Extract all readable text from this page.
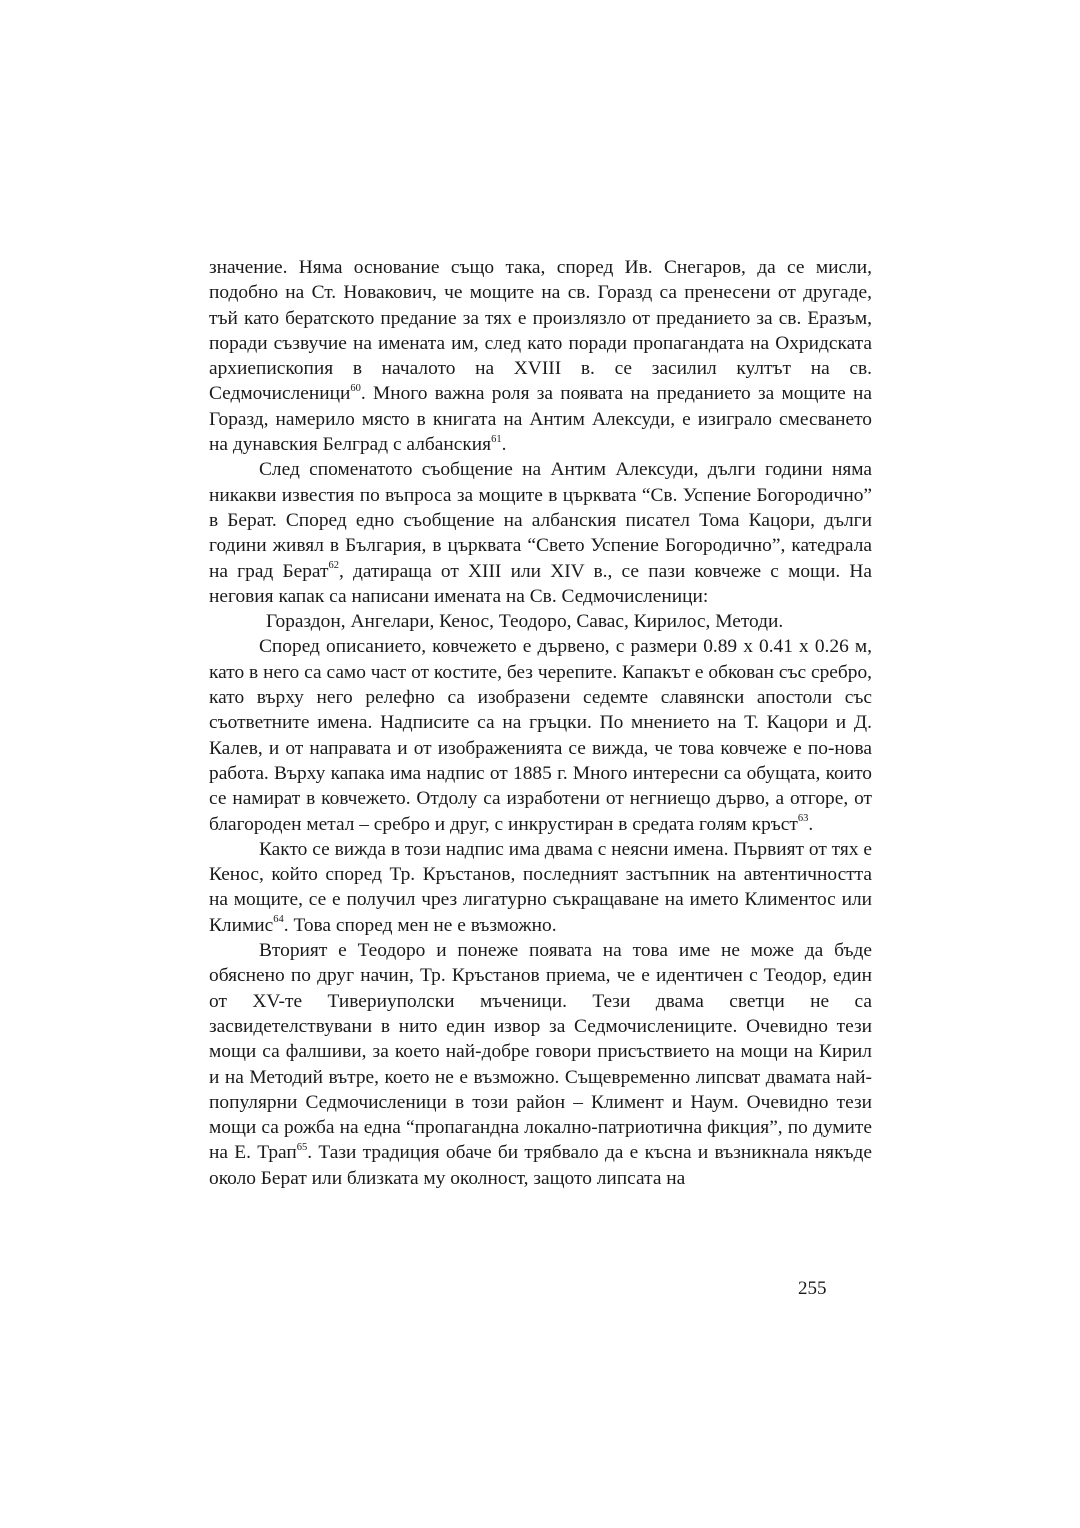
значение. Няма основание също така, според Ив. Снегаров, да се мисли, подобно на Ст. Новакович, че мощите на св. Горазд са пренесени от другаде, тъй като бератското предание за тях е произлязло от преданието за св. Еразъм, поради съзвучие на имената им, след като поради пропагандата на Охридската архиепископия в началото на XVIII в. се засилил култът на св. Седмочисленици$^{60}$. Много важна роля за появата на преданието за мощите на Горазд, намерило място в книгата на Антим Алексуди, е изиграло смесването на дунавския Белград с албанския$^{61}$.

След споменатото съобщение на Антим Алексуди, дълги години няма никакви известия по въпроса за мощите в църквата “Св. Успение Богородично” в Берат. Според едно съобщение на албанския писател Тома Кацори, дълги години живял в България, в църквата “Свето Успение Богородично”, катедрала на град Берат$^{62}$, датираща от XIII или XIV в., се пази ковчеже с мощи. На неговия капак са написани имената на Св. Седмочисленици:

Гораздон, Ангелари, Кенос, Теодоро, Савас, Кирилос, Методи.

Според описанието, ковчежето е дървено, с размери 0.89 х 0.41 х 0.26 м, като в него са само част от костите, без черепите. Капакът е обкован със сребро, като върху него релефно са изобразени седемте славянски апостоли със съответните имена. Надписите са на гръцки. По мнението на Т. Кацори и Д. Калев, и от направата и от изображенията се вижда, че това ковчеже е по-нова работа. Върху капака има надпис от 1885 г. Много интересни са обущата, които се намират в ковчежето. Отдолу са изработени от негниещо дърво, а отгоре, от благороден метал – сребро и друг, с инкрустиран в средата голям кръст$^{63}$.

Както се вижда в този надпис има двама с неясни имена. Първият от тях е Кенос, който според Тр. Кръстанов, последният застъпник на автентичността на мощите, се е получил чрез лигатурно съкращаване на името Климентос или Климис$^{64}$. Това според мен не е възможно.

Вторият е Теодоро и понеже появата на това име не може да бъде обяснено по друг начин, Тр. Кръстанов приема, че е идентичен с Теодор, един от XV-те Тивериуполски мъченици. Тези двама светци не са засвидетелствувани в нито един извор за Седмочислениците. Очевидно тези мощи са фалшиви, за което най-добре говори присъствието на мощи на Кирил и на Методий вътре, което не е възможно. Същевременно липсват двамата най-популярни Седмочисленици в този район – Климент и Наум. Очевидно тези мощи са рожба на една “пропагандна локално-патриотична фикция”, по думите на Е. Трап$^{65}$. Тази традиция обаче би трябвало да е късна и възникнала някъде около Берат или близката му околност, защото липсата на

255
